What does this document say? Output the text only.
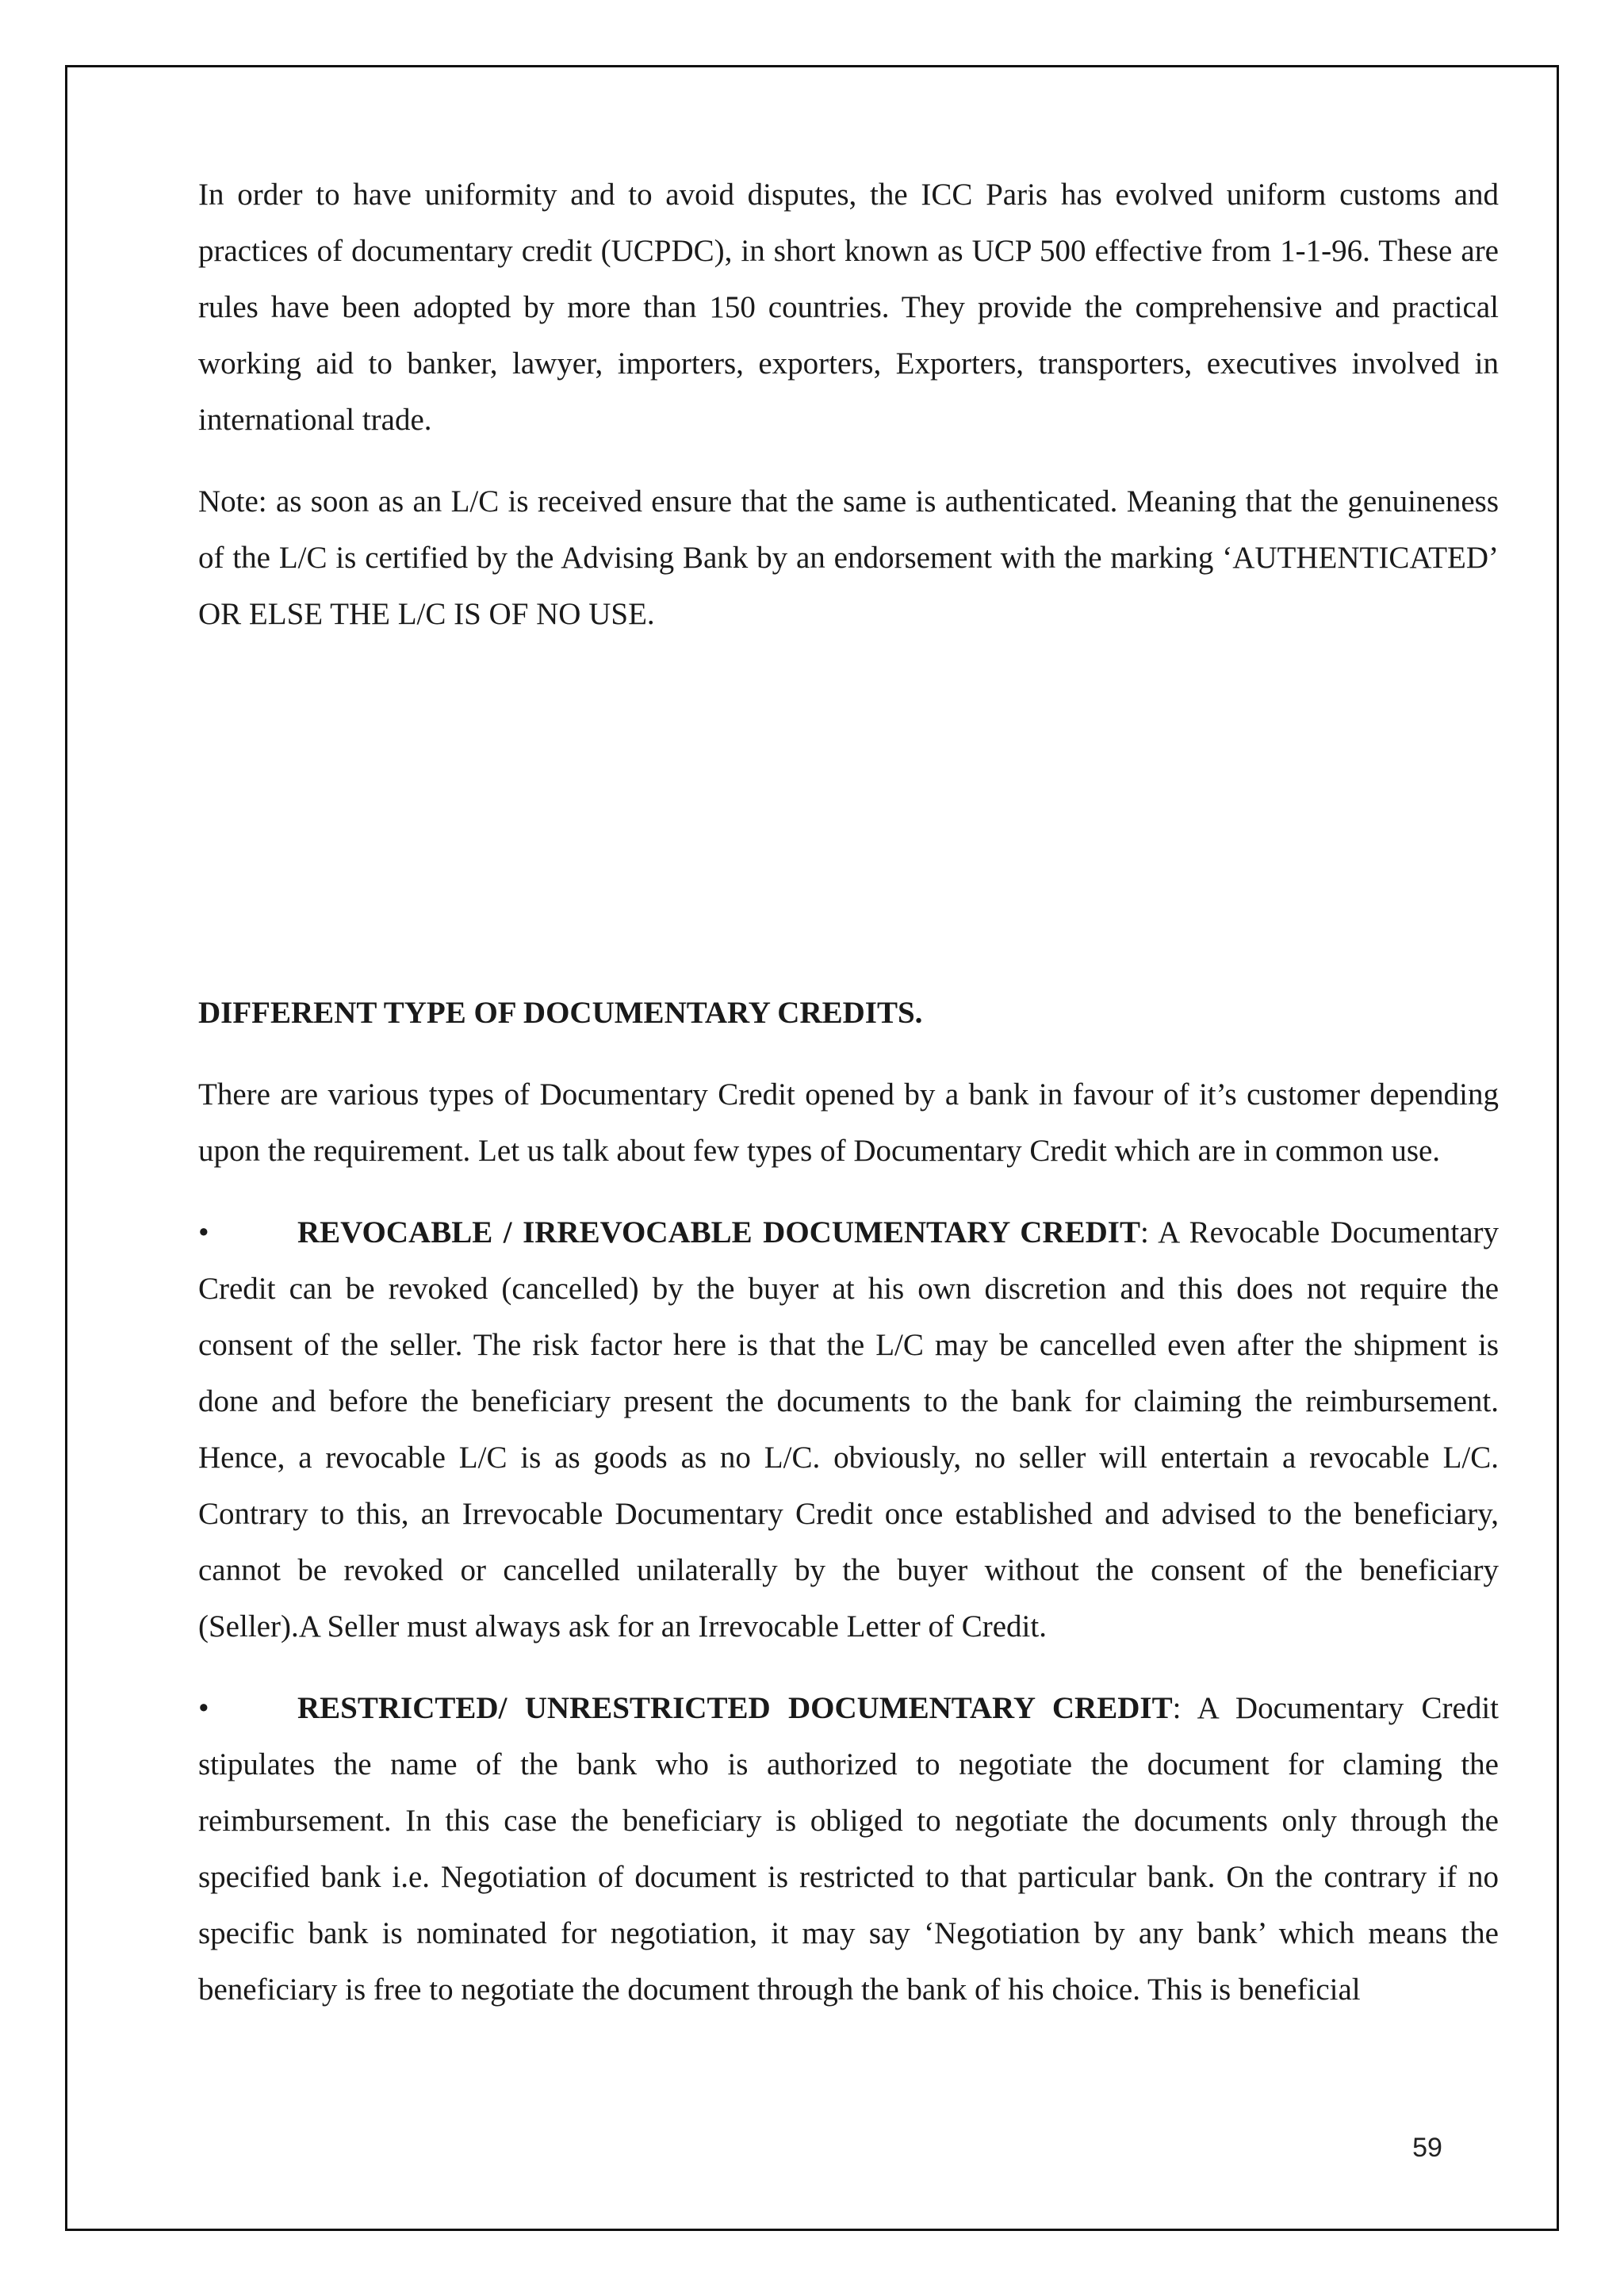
In order to have uniformity and to avoid disputes, the ICC Paris has evolved uniform customs and practices of documentary credit (UCPDC), in short known as UCP 500 effective from 1-1-96. These are rules have been adopted by more than 150 countries. They provide the comprehensive and practical working aid to banker, lawyer, importers, exporters, Exporters, transporters, executives involved in international trade.

Note: as soon as an L/C is received ensure that the same is authenticated. Meaning that the genuineness of the L/C is certified by the Advising Bank by an endorsement with the marking ‘AUTHENTICATED’ OR ELSE THE L/C IS OF NO USE.

DIFFERENT TYPE OF DOCUMENTARY CREDITS.

There are various types of Documentary Credit opened by a bank in favour of it’s customer depending upon the requirement. Let us talk about few types of Documentary Credit which are in common use.

•	REVOCABLE / IRREVOCABLE DOCUMENTARY CREDIT: A Revocable Documentary Credit can be revoked (cancelled) by the buyer at his own discretion and this does not require the consent of the seller. The risk factor here is that the L/C may be cancelled even after the shipment is done and before the beneficiary present the documents to the bank for claiming the reimbursement. Hence, a revocable L/C is as goods as no L/C. obviously, no seller will entertain a revocable L/C. Contrary to this, an Irrevocable Documentary Credit once established and advised to the beneficiary, cannot be revoked or cancelled unilaterally by the buyer without the consent of the beneficiary (Seller).A Seller must always ask for an Irrevocable Letter of Credit.

•	RESTRICTED/ UNRESTRICTED DOCUMENTARY CREDIT: A Documentary Credit stipulates the name of the bank who is authorized to negotiate the document for claming the reimbursement. In this case the beneficiary is obliged to negotiate the documents only through the specified bank i.e. Negotiation of document is restricted to that particular bank. On the contrary if no specific bank is nominated for negotiation, it may say ‘Negotiation by any bank’ which means the beneficiary is free to negotiate the document through the bank of his choice. This is beneficial

59
